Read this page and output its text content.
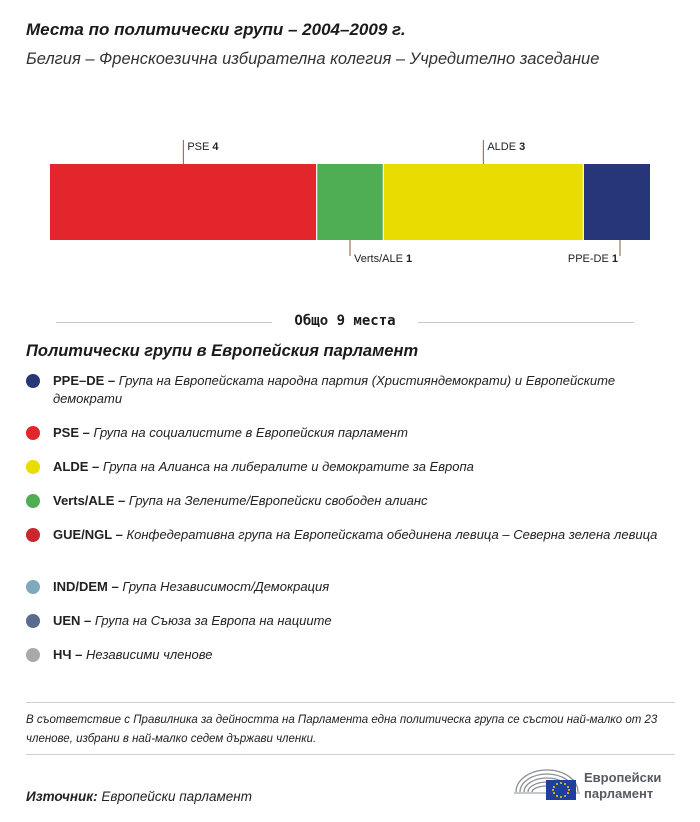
Места по политически групи – 2004–2009 г.
Белгия – Френскоезична избирателна колегия – Учредително заседание
PSE 4
Verts/ALE 1
ALDE 3
PPE-DE 1
Общо 9 места
Политически групи в Европейския парламент
PPE–DE – Група на Европейската народна партия (Християндемократи) и Европейските демократи
PSE – Група на социалистите в Европейския парламент
ALDE – Група на Алианса на либералите и демократите за Европа
Verts/ALE – Група на Зелените/Европейски свободен алианс
GUE/NGL – Конфедеративна група на Европейската обединена левица – Северна зелена левица
IND/DEM – Група Независимост/Демокрация
UEN – Група на Съюза за Европа на нациите
НЧ – Независими членове
В съответствие с Правилника за дейността на Парламента една политическа група се състои най-малко от 23 членове, избрани в най-малко седем държави членки.
Източник: Европейски парламент
Европейски
парламент
